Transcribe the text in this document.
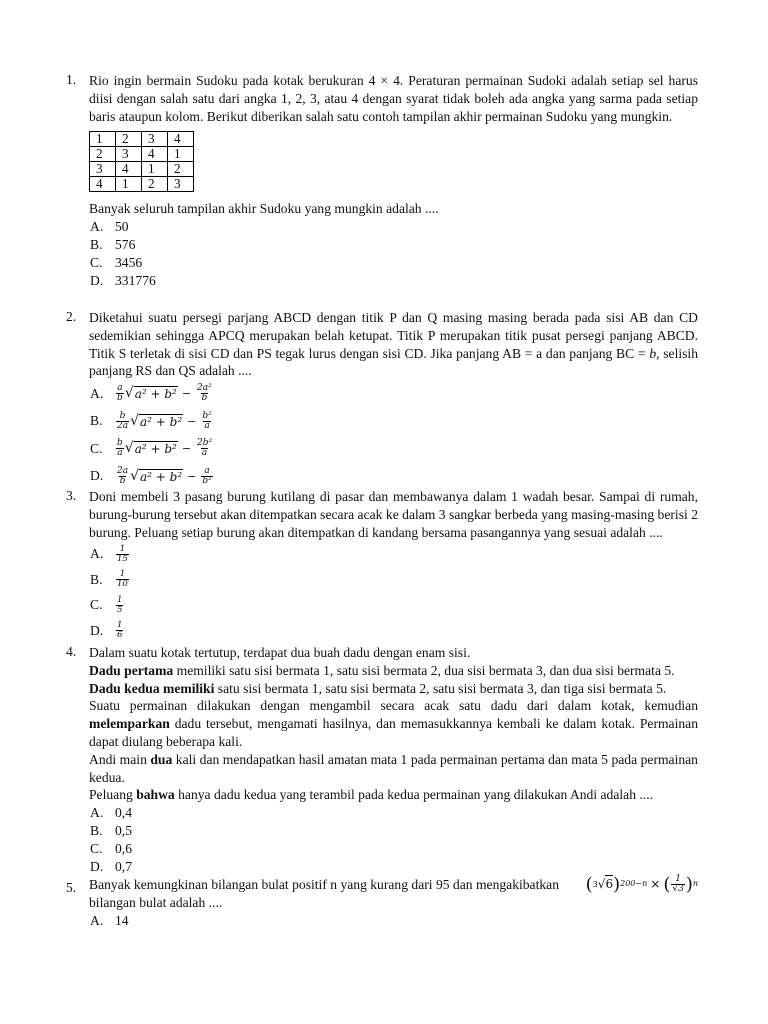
1. Rio ingin bermain Sudoku pada kotak berukuran 4 × 4. Peraturan permainan Sudoki adalah setiap sel harus diisi dengan salah satu dari angka 1, 2, 3, atau 4 dengan syarat tidak boleh ada angka yang sarma pada setiap baris ataupun kolom. Berikut diberikan salah satu contoh tampilan akhir permainan Sudoku yang mungkin.

1	2	3	4
2	3	4	1
3	4	1	2
4	1	2	3

Banyak seluruh tampilan akhir Sudoku yang mungkin adalah ....

A. 50
B. 576
C. 3456
D. 331776
2. Diketahui suatu persegi parjang ABCD dengan titik P dan Q masing masing berada pada sisi AB dan CD sedemikian sehingga APCQ merupakan belah ketupat. Titik P merupakan titik pusat persegi panjang ABCD. Titik S terletak di sisi CD dan PS tegak lurus dengan sisi CD. Jika panjang AB = a dan panjang BC = b, selisih panjang RS dan QS adalah ....

A.	$\frac{a}{b}$ √ $a^2 + b^2 - \frac{\text{2a²}}{b}$
B.	$\frac{b}{2a}$ √ $a^2 + b^2 - \frac{\text{b²}}{a}$
C.	$\frac{b}{a}$ √ $a^2 + b^2 - \frac{\text{2b²}}{a}$
D.	$\frac{2a}{b}$ √ $a^2 + b^2 - \frac{a}{\text{b²}}$
3. Doni membeli 3 pasang burung kutilang di pasar dan membawanya dalam 1 wadah besar. Sampai di rumah, burung-burung tersebut akan ditempatkan secara acak ke dalam 3 sangkar berbeda yang masing-masing berisi 2 burung. Peluang setiap burung akan ditempatkan di kandang bersama pasangannya yang sesuai adalah ....

A.	$\frac{1}{15}$
B.	$\frac{1}{10}$
C.	$\frac{1}{5}$
D.	$\frac{1}{6}$
4. Dalam suatu kotak tertutup, terdapat dua buah dadu dengan enam sisi.

Dadu pertama memiliki satu sisi bermata 1, satu sisi bermata 2, dua sisi bermata 3, dan dua sisi bermata 5.

Dadu kedua memiliki satu sisi bermata 1, satu sisi bermata 2, satu sisi bermata 3, dan tiga sisi bermata 5.

Suatu permainan dilakukan dengan mengambil secara acak satu dadu dari dalam kotak, kemudian melemparkan dadu tersebut, mengamati hasilnya, dan memasukkannya kembali ke dalam kotak. Permainan dapat diulang beberapa kali.

Andi main dua kali dan mendapatkan hasil amatan mata 1 pada permainan pertama dan mata 5 pada permainan kedua.

Peluang bahwa hanya dadu kedua yang terambil pada kedua permainan yang dilakukan Andi adalah ....

A. 0,4
B. 0,5
C. 0,6
D. 0,7
5. Banyak kemungkinan bilangan bulat positif n yang kurang dari 95 dan mengakibatkan ( 3 √ 6 ) 200−n × ( $\frac{1}{√3}$ ) n

bilangan bulat adalah ....

A. 14
